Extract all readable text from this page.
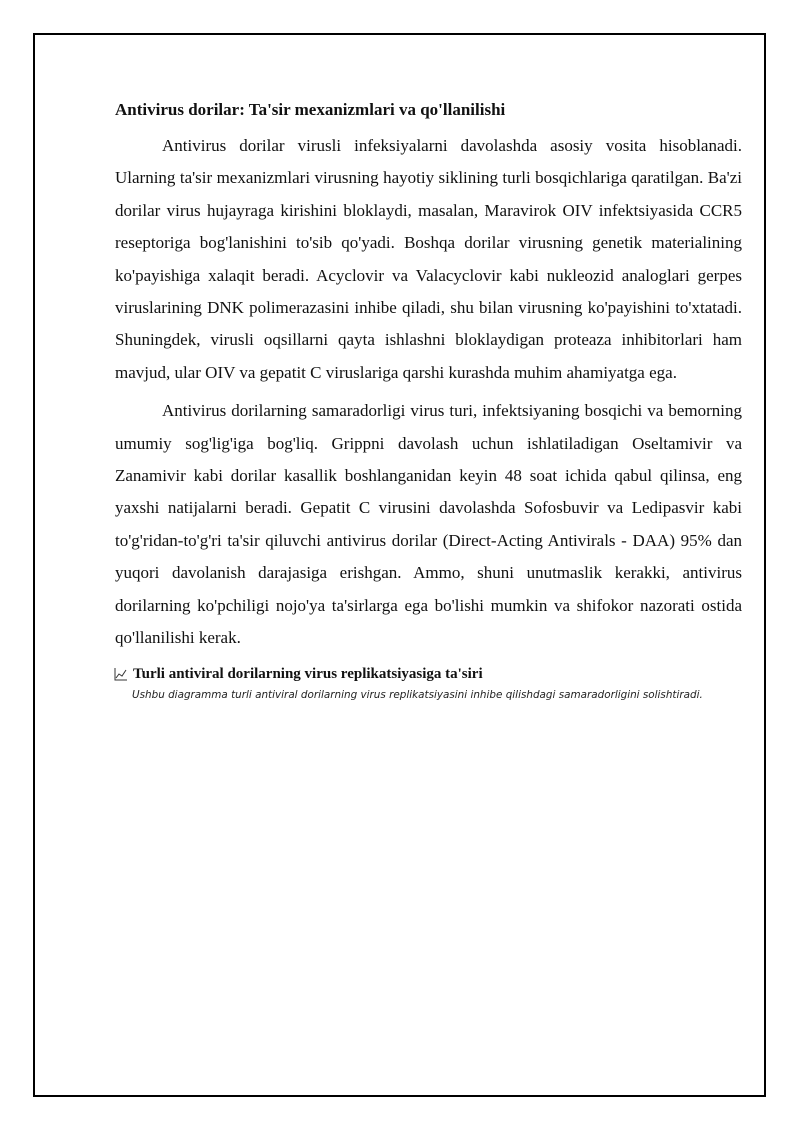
Antivirus dorilar: Ta'sir mexanizmlari va qo'llanilishi

Antivirus dorilar virusli infeksiyalarni davolashda asosiy vosita hisoblanadi. Ularning ta'sir mexanizmlari virusning hayotiy siklining turli bosqichlariga qaratilgan. Ba'zi dorilar virus hujayraga kirishini bloklaydi, masalan, Maravirok OIV infektsiyasida CCR5 reseptoriga bog'lanishini to'sib qo'yadi. Boshqa dorilar virusning genetik materialining ko'payishiga xalaqit beradi. Acyclovir va Valacyclovir kabi nukleozid analoglari gerpes viruslarining DNK polimerazasini inhibe qiladi, shu bilan virusning ko'payishini to'xtatadi. Shuningdek, virusli oqsillarni qayta ishlashni bloklaydigan proteaza inhibitorlari ham mavjud, ular OIV va gepatit C viruslariga qarshi kurashda muhim ahamiyatga ega.

Antivirus dorilarning samaradorligi virus turi, infektsiyaning bosqichi va bemorning umumiy sog'lig'iga bog'liq. Grippni davolash uchun ishlatiladigan Oseltamivir va Zanamivir kabi dorilar kasallik boshlanganidan keyin 48 soat ichida qabul qilinsa, eng yaxshi natijalarni beradi. Gepatit C virusini davolashda Sofosbuvir va Ledipasvir kabi to'g'ridan-to'g'ri ta'sir qiluvchi antivirus dorilar (Direct-Acting Antivirals - DAA) 95% dan yuqori davolanish darajasiga erishgan. Ammo, shuni unutmaslik kerakki, antivirus dorilarning ko'pchiligi nojo'ya ta'sirlarga ega bo'lishi mumkin va shifokor nazorati ostida qo'llanilishi kerak.

Turli antiviral dorilarning virus replikatsiyasiga ta'siri
Ushbu diagramma turli antiviral dorilarning virus replikatsiyasini inhibe qilishdagi samaradorligini solishtiradi.
